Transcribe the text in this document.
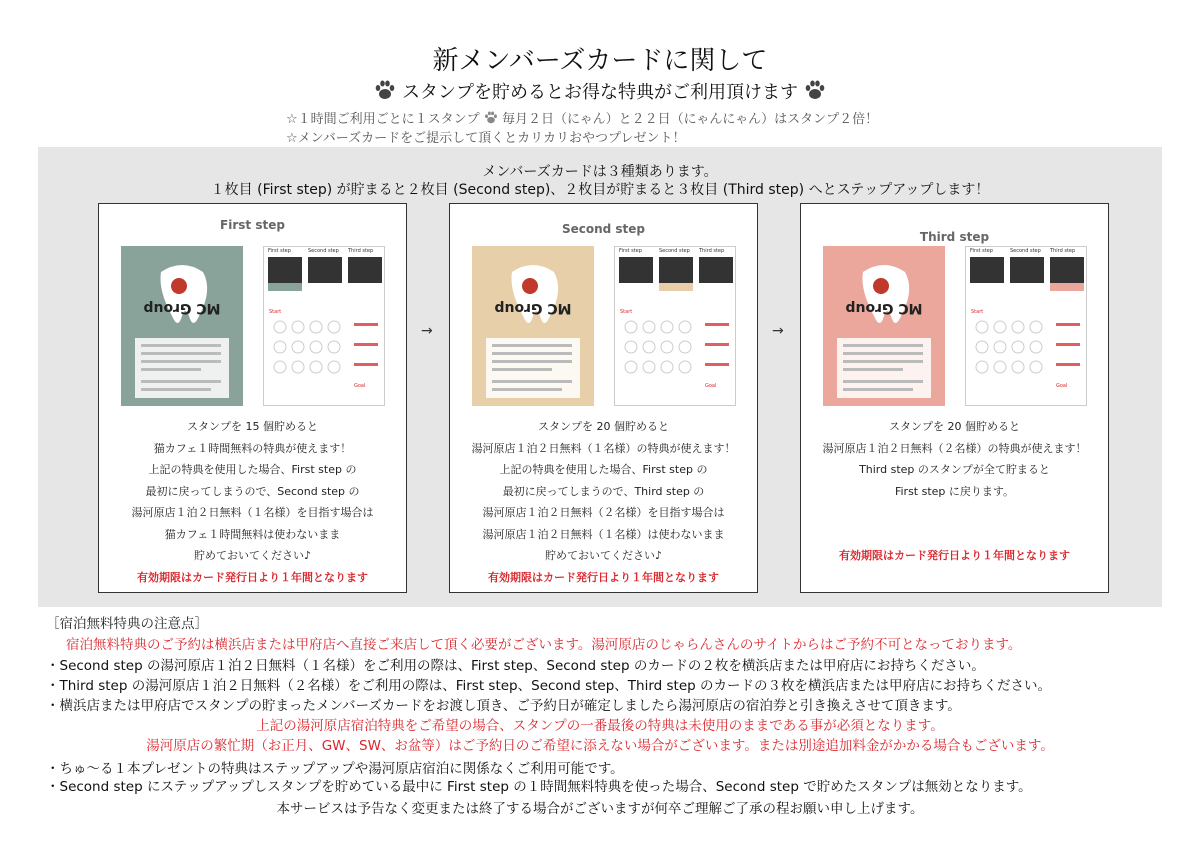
新メンバーズカードに関して
スタンプを貯めるとお得な特典がご利用頂けます
☆１時間ご利用ごとに１スタンプ 毎月２日（にゃん）と２２日（にゃんにゃん）はスタンプ２倍！
☆メンバーズカードをご提示して頂くとカリカリおやつプレゼント！
メンバーズカードは３種類あります。
１枚目 (First step) が貯まると２枚目 (Second step)、２枚目が貯まると３枚目 (Third step) へとステップアップします！
First step
MC Group
First step	Second step Third step
Start
Goal
スタンプを 15 個貯めると
猫カフェ１時間無料の特典が使えます！
上記の特典を使用した場合、First step の
最初に戻ってしまうので、Second step の
湯河原店１泊２日無料（１名様）を目指す場合は
猫カフェ１時間無料は使わないまま
貯めておいてください♪
有効期限はカード発行日より１年間となります
→
Second step
MC Group
First step	Second step Third step
Start
Goal
スタンプを 20 個貯めると
湯河原店１泊２日無料（１名様）の特典が使えます！
上記の特典を使用した場合、First step の
最初に戻ってしまうので、Third step の
湯河原店１泊２日無料（２名様）を目指す場合は
湯河原店１泊２日無料（１名様）は使わないまま
貯めておいてください♪
有効期限はカード発行日より１年間となります
→
Third step
MC Group
First step	Second step Third step
Start
Goal
スタンプを 20 個貯めると
湯河原店１泊２日無料（２名様）の特典が使えます！
Third step のスタンプが全て貯まると
First step に戻ります。
有効期限はカード発行日より１年間となります
［宿泊無料特典の注意点］
宿泊無料特典のご予約は横浜店または甲府店へ直接ご来店して頂く必要がございます。湯河原店のじゃらんさんのサイトからはご予約不可となっております。
・Second step の湯河原店１泊２日無料（１名様）をご利用の際は、First step、Second step のカードの２枚を横浜店または甲府店にお持ちください。
・Third step の湯河原店１泊２日無料（２名様）をご利用の際は、First step、Second step、Third step のカードの３枚を横浜店または甲府店にお持ちください。
・横浜店または甲府店でスタンプの貯まったメンバーズカードをお渡し頂き、ご予約日が確定しましたら湯河原店の宿泊券と引き換えさせて頂きます。
上記の湯河原店宿泊特典をご希望の場合、スタンプの一番最後の特典は未使用のままである事が必須となります。
湯河原店の繁忙期（お正月、GW、SW、お盆等）はご予約日のご希望に添えない場合がございます。または別途追加料金がかかる場合もございます。
・ちゅ～る１本プレゼントの特典はステップアップや湯河原店宿泊に関係なくご利用可能です。
・Second step にステップアップしスタンプを貯めている最中に First step の１時間無料特典を使った場合、Second step で貯めたスタンプは無効となります。
本サービスは予告なく変更または終了する場合がございますが何卒ご理解ご了承の程お願い申し上げます。
